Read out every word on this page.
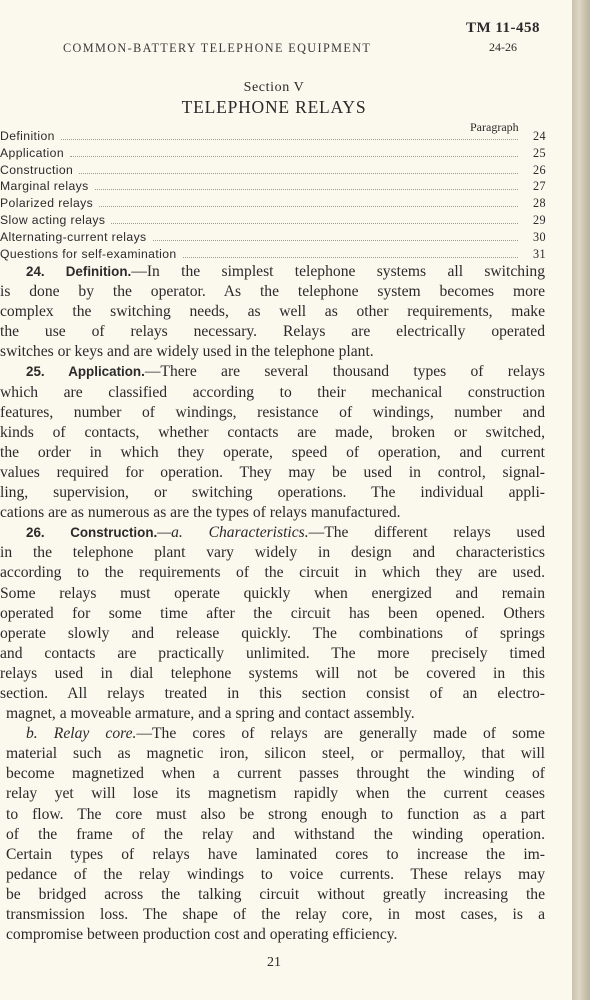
COMMON-BATTERY TELEPHONE EQUIPMENT
TM 11-458
24-26
Section V
TELEPHONE RELAYS
Paragraph
Definition	24
Application	25
Construction	26
Marginal relays	27
Polarized relays	28
Slow acting relays	29
Alternating-current relays	30
Questions for self-examination	31
24. Definition.—In the simplest telephone systems all switching
is done by the operator. As the telephone system becomes more
complex the switching needs, as well as other requirements, make
the use of relays necessary. Relays are electrically operated
switches or keys and are widely used in the telephone plant.
25. Application.—There are several thousand types of relays
which are classified according to their mechanical construction
features, number of windings, resistance of windings, number and
kinds of contacts, whether contacts are made, broken or switched,
the order in which they operate, speed of operation, and current
values required for operation. They may be used in control, signal-
ling, supervision, or switching operations. The individual appli-
cations are as numerous as are the types of relays manufactured.
26. Construction.—a. Characteristics.—The different relays used
in the telephone plant vary widely in design and characteristics
according to the requirements of the circuit in which they are used.
Some relays must operate quickly when energized and remain
operated for some time after the circuit has been opened. Others
operate slowly and release quickly. The combinations of springs
and contacts are practically unlimited. The more precisely timed
relays used in dial telephone systems will not be covered in this
section. All relays treated in this section consist of an electro-
magnet, a moveable armature, and a spring and contact assembly.
b. Relay core.—The cores of relays are generally made of some
material such as magnetic iron, silicon steel, or permalloy, that will
become magnetized when a current passes throught the winding of
relay yet will lose its magnetism rapidly when the current ceases
to flow. The core must also be strong enough to function as a part
of the frame of the relay and withstand the winding operation.
Certain types of relays have laminated cores to increase the im-
pedance of the relay windings to voice currents. These relays may
be bridged across the talking circuit without greatly increasing the
transmission loss. The shape of the relay core, in most cases, is a
compromise between production cost and operating efficiency.
21
